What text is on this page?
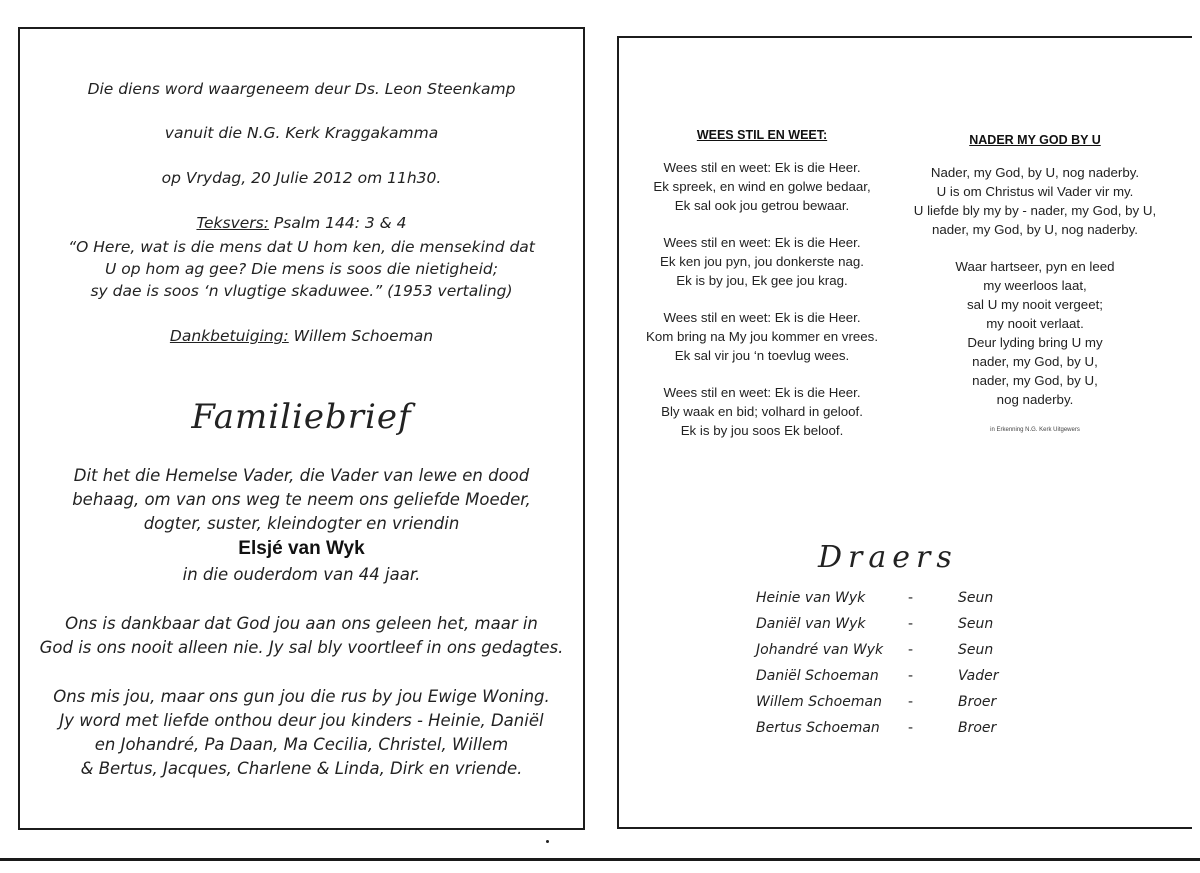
Die diens word waargeneem deur Ds. Leon Steenkamp
vanuit die N.G. Kerk Kraggakamma
op Vrydag, 20 Julie 2012 om 11h30.
Teksvers: Psalm 144: 3 & 4
“O Here, wat is die mens dat U hom ken, die mensekind dat
U op hom ag gee? Die mens is soos die nietigheid;
sy dae is soos ‘n vlugtige skaduwee.” (1953 vertaling)
Dankbetuiging: Willem Schoeman
Familiebrief
Dit het die Hemelse Vader, die Vader van lewe en dood
behaag, om van ons weg te neem ons geliefde Moeder,
dogter, suster, kleindogter en vriendin
Elsjé van Wyk
in die ouderdom van 44 jaar.
Ons is dankbaar dat God jou aan ons geleen het, maar in
God is ons nooit alleen nie. Jy sal bly voortleef in ons gedagtes.
Ons mis jou, maar ons gun jou die rus by jou Ewige Woning.
Jy word met liefde onthou deur jou kinders - Heinie, Daniël
en Johandré, Pa Daan, Ma Cecilia, Christel, Willem
& Bertus, Jacques, Charlene & Linda, Dirk en vriende.
WEES STIL EN WEET:
Wees stil en weet: Ek is die Heer.
Ek spreek, en wind en golwe bedaar,
Ek sal ook jou getrou bewaar.
Wees stil en weet: Ek is die Heer.
Ek ken jou pyn, jou donkerste nag.
Ek is by jou, Ek gee jou krag.
Wees stil en weet: Ek is die Heer.
Kom bring na My jou kommer en vrees.
Ek sal vir jou ‘n toevlug wees.
Wees stil en weet: Ek is die Heer.
Bly waak en bid; volhard in geloof.
Ek is by jou soos Ek beloof.
NADER MY GOD BY U
Nader, my God, by U, nog naderby.
U is om Christus wil Vader vir my.
U liefde bly my by - nader, my God, by U,
nader, my God, by U, nog naderby.
Waar hartseer, pyn en leed
my weerloos laat,
sal U my nooit vergeet;
my nooit verlaat.
Deur lyding bring U my
nader, my God, by U,
nader, my God, by U,
nog naderby.
in Erkenning N.G. Kerk Uitgewers
Draers
Heinie van Wyk	-	Seun
Daniël van Wyk	-	Seun
Johandré van Wyk -	Seun
Daniël Schoeman -	Vader
Willem Schoeman -	Broer
Bertus Schoeman -	Broer
